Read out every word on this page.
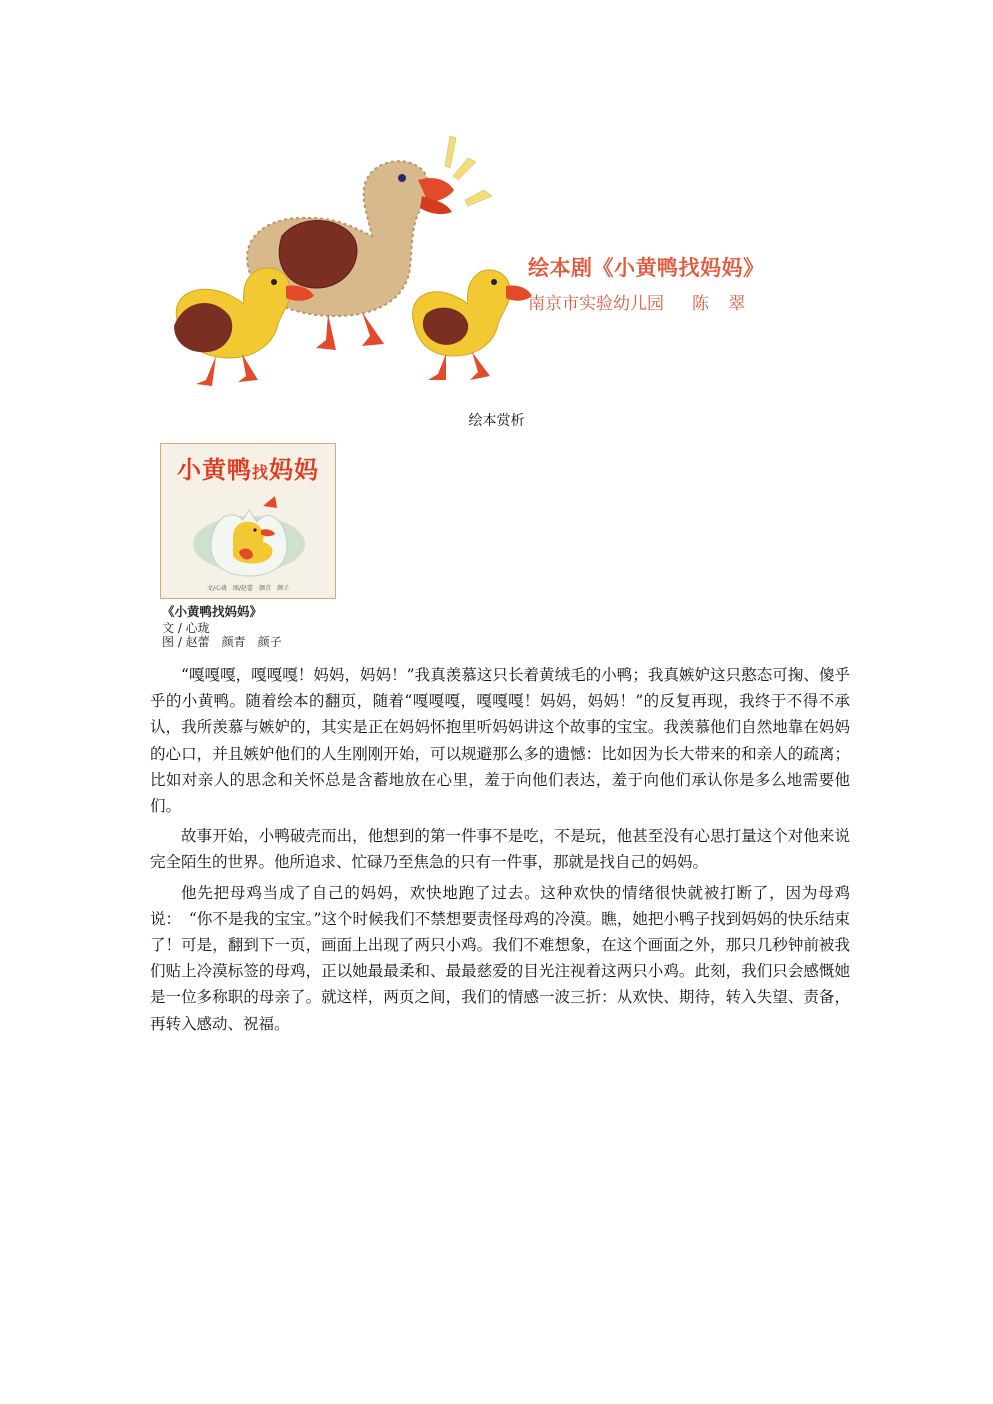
绘本剧《小黄鸭找妈妈》
南京市实验幼儿园 陈 翠
绘本赏析
小黄鸭找妈妈
文/心珑　图/赵蕾　颜青　颜子
《小黄鸭找妈妈》
文 / 心珑
图 / 赵蕾　颜青　颜子

“嘎嘎嘎，嘎嘎嘎！妈妈，妈妈！”我真羡慕这只长着黄绒毛的小鸭；我真嫉妒这只憨态可掬、傻乎乎的小黄鸭。随着绘本的翻页，随着“嘎嘎嘎，嘎嘎嘎！妈妈，妈妈！”的反复再现，我终于不得不承认，我所羡慕与嫉妒的，其实是正在妈妈怀抱里听妈妈讲这个故事的宝宝。我羡慕他们自然地靠在妈妈的心口，并且嫉妒他们的人生刚刚开始，可以规避那么多的遗憾：比如因为长大带来的和亲人的疏离；比如对亲人的思念和关怀总是含蓄地放在心里，羞于向他们表达，羞于向他们承认你是多么地需要他们。

故事开始，小鸭破壳而出，他想到的第一件事不是吃，不是玩，他甚至没有心思打量这个对他来说完全陌生的世界。他所追求、忙碌乃至焦急的只有一件事，那就是找自己的妈妈。

他先把母鸡当成了自己的妈妈，欢快地跑了过去。这种欢快的情绪很快就被打断了，因为母鸡说：　“你不是我的宝宝。”这个时候我们不禁想要责怪母鸡的冷漠。瞧，她把小鸭子找到妈妈的快乐结束了！可是，翻到下一页，画面上出现了两只小鸡。我们不难想象，在这个画面之外，那只几秒钟前被我们贴上冷漠标签的母鸡，正以她最最柔和、最最慈爱的目光注视着这两只小鸡。此刻，我们只会感慨她是一位多称职的母亲了。就这样，两页之间，我们的情感一波三折：从欢快、期待，转入失望、责备，再转入感动、祝福。
